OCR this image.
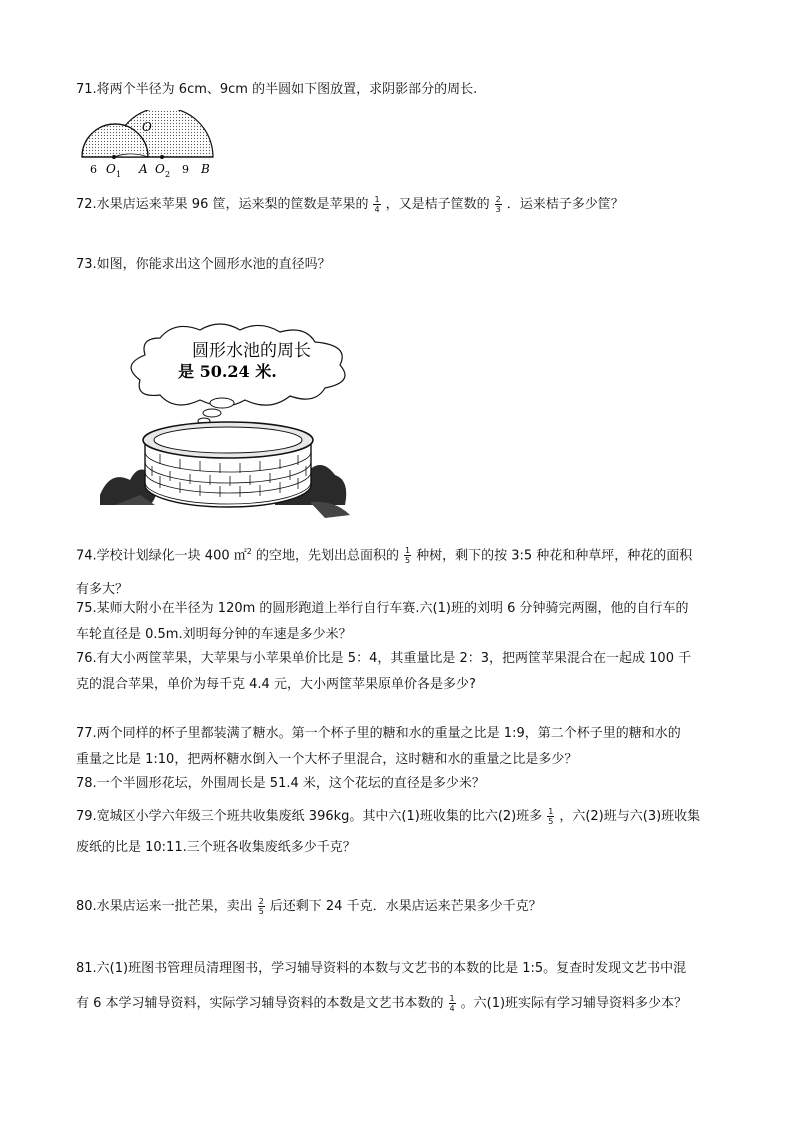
71.将两个半径为 6cm、9cm 的半圆如下图放置，求阴影部分的周长.

O
6 O 1 A O 2 9 B

72.水果店运来苹果 96 筐，运来梨的筐数是苹果的 $\frac{1}{4}$ ，又是桔子筐数的 $\frac{2}{3}$ ．运来桔子多少筐？

73.如图，你能求出这个圆形水池的直径吗？

圆形水池的周长
是 50.24 米.

74.学校计划绿化一块 400 ㎡$^2$ 的空地，先划出总面积的 $\frac{1}{5}$ 种树，剩下的按 3:5 种花和种草坪，种花的面积

有多大？

75.某师大附小在半径为 120m 的圆形跑道上举行自行车赛.六(1)班的刘明 6 分钟骑完两圈，他的自行车的

车轮直径是 0.5m.刘明每分钟的车速是多少米？

76.有大小两筐苹果，大苹果与小苹果单价比是 5：4，其重量比是 2：3，把两筐苹果混合在一起成 100 千

克的混合苹果，单价为每千克 4.4 元，大小两筐苹果原单价各是多少?

77.两个同样的杯子里都装满了糖水。第一个杯子里的糖和水的重量之比是 1:9，第二个杯子里的糖和水的

重量之比是 1:10，把两杯糖水倒入一个大杯子里混合，这时糖和水的重量之比是多少？

78.一个半圆形花坛，外围周长是 51.4 米，这个花坛的直径是多少米？

79.宽城区小学六年级三个班共收集废纸 396kg。其中六(1)班收集的比六(2)班多 $\frac{1}{5}$ ，六(2)班与六(3)班收集

废纸的比是 10:11.三个班各收集废纸多少千克？

80.水果店运来一批芒果，卖出 $\frac{2}{5}$ 后还剩下 24 千克．水果店运来芒果多少千克？

81.六(1)班图书管理员清理图书，学习辅导资料的本数与文艺书的本数的比是 1:5。复查时发现文艺书中混

有 6 本学习辅导资料，实际学习辅导资料的本数是文艺书本数的 $\frac{1}{4}$ 。六(1)班实际有学习辅导资料多少本？
